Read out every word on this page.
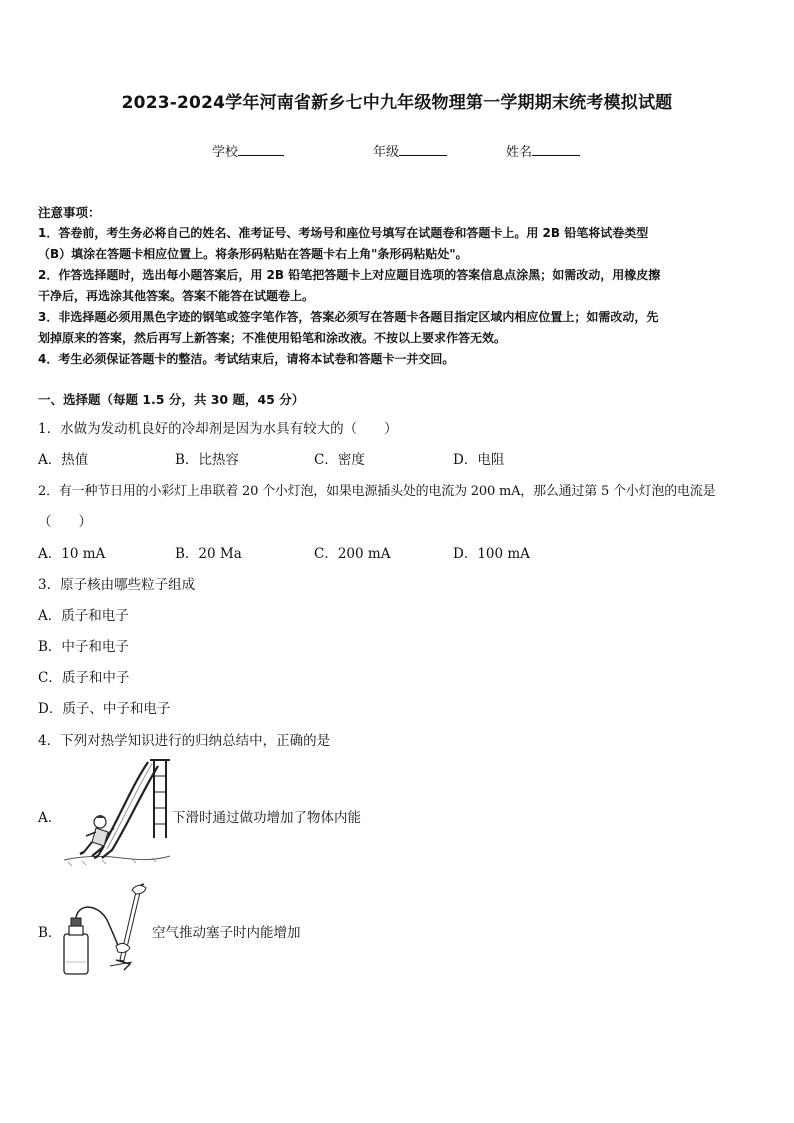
2023-2024学年河南省新乡七中九年级物理第一学期期末统考模拟试题
学校	年级	姓名
注意事项：
1．答卷前，考生务必将自己的姓名、准考证号、考场号和座位号填写在试题卷和答题卡上。用 2B 铅笔将试卷类型
（B）填涂在答题卡相应位置上。将条形码粘贴在答题卡右上角"条形码粘贴处"。
2．作答选择题时，选出每小题答案后，用 2B 铅笔把答题卡上对应题目选项的答案信息点涂黑；如需改动，用橡皮擦
干净后，再选涂其他答案。答案不能答在试题卷上。
3．非选择题必须用黑色字迹的钢笔或签字笔作答，答案必须写在答题卡各题目指定区域内相应位置上；如需改动，先
划掉原来的答案，然后再写上新答案；不准使用铅笔和涂改液。不按以上要求作答无效。
4．考生必须保证答题卡的整洁。考试结束后，请将本试卷和答题卡一并交回。
一、选择题（每题 1.5 分，共 30 题，45 分）
1．水做为发动机良好的冷却剂是因为水具有较大的（　　）
A．热值	B．比热容	C．密度	D．电阻
2．有一种节日用的小彩灯上串联着 20 个小灯泡，如果电源插头处的电流为 200 mA，那么通过第 5 个小灯泡的电流是
（　　）
A．10 mA	B．20 Ma	C．200 mA	D．100 mA
3．原子核由哪些粒子组成
A．质子和电子
B．中子和电子
C．质子和中子
D．质子、中子和电子
4．下列对热学知识进行的归纳总结中，正确的是
A．	下滑时通过做功增加了物体内能
B．	空气推动塞子时内能增加
